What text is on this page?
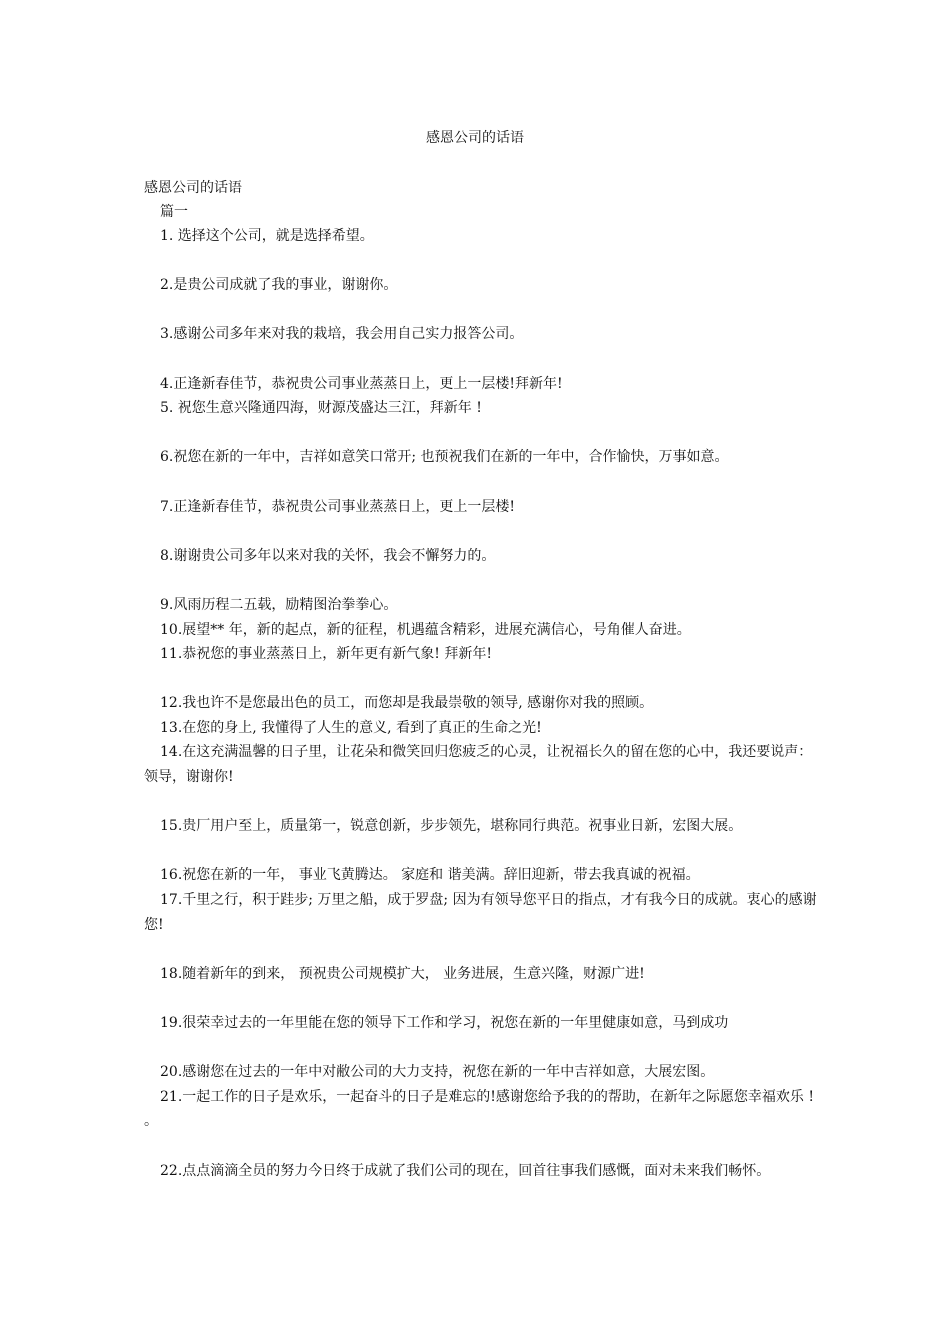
感恩公司的话语
感恩公司的话语
篇一
1. 选择这个公司，就是选择希望。
2.是贵公司成就了我的事业，谢谢你。
3.感谢公司多年来对我的栽培，我会用自己实力报答公司。
4.正逢新春佳节，恭祝贵公司事业蒸蒸日上，更上一层楼!拜新年!
5. 祝您生意兴隆通四海，财源茂盛达三江，拜新年 !
6.祝您在新的一年中，吉祥如意笑口常开; 也预祝我们在新的一年中，合作愉快，万事如意。
7.正逢新春佳节，恭祝贵公司事业蒸蒸日上，更上一层楼!
8.谢谢贵公司多年以来对我的关怀，我会不懈努力的。
9.风雨历程二五载，励精图治拳拳心。
10.展望** 年，新的起点，新的征程，机遇蕴含精彩，进展充满信心，号角催人奋进。
11.恭祝您的事业蒸蒸日上，新年更有新气象! 拜新年!
12.我也许不是您最出色的员工，而您却是我最崇敬的领导, 感谢你对我的照顾。
13.在您的身上, 我懂得了人生的意义, 看到了真正的生命之光!
14.在这充满温馨的日子里，让花朵和微笑回归您疲乏的心灵，让祝福长久的留在您的心中，我还要说声：领导，谢谢你!
15.贵厂用户至上，质量第一，锐意创新，步步领先，堪称同行典范。祝事业日新，宏图大展。
16.祝您在新的一年， 事业飞黄腾达。 家庭和 谐美满。辞旧迎新，带去我真诚的祝福。
17.千里之行，积于跬步; 万里之船，成于罗盘; 因为有领导您平日的指点，才有我今日的成就。衷心的感谢您!
18.随着新年的到来， 预祝贵公司规模扩大， 业务进展，生意兴隆，财源广进!
19.很荣幸过去的一年里能在您的领导下工作和学习，祝您在新的一年里健康如意，马到成功
20.感谢您在过去的一年中对敝公司的大力支持，祝您在新的一年中吉祥如意，大展宏图。
21.一起工作的日子是欢乐，一起奋斗的日子是难忘的!感谢您给予我的的帮助，在新年之际愿您幸福欢乐 ! 。
22.点点滴滴全员的努力今日终于成就了我们公司的现在，回首往事我们感慨，面对未来我们畅怀。
